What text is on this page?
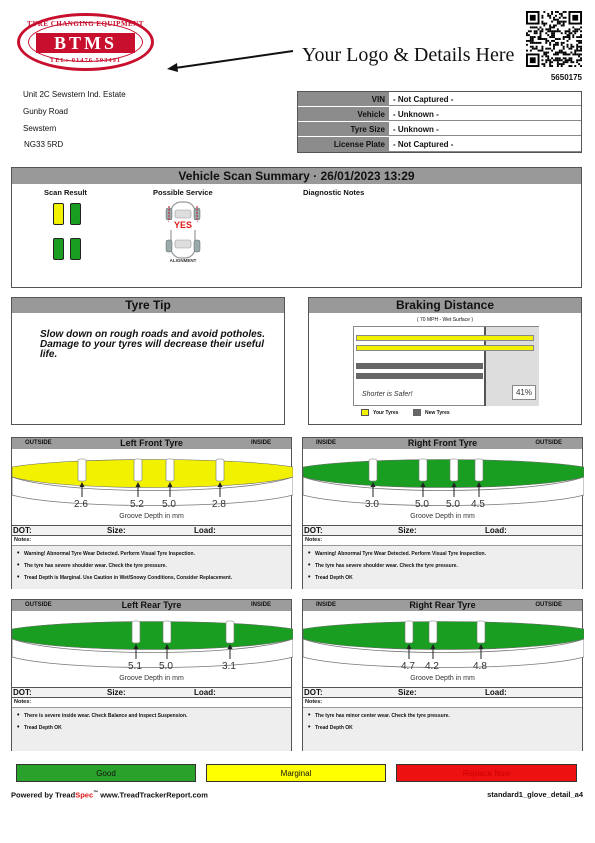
TYRE CHANGING EQUIPMENT
BTMS
TEL: 01476 593491	Your Logo & Details Here
5650175
Unit 2C Sewstern Ind. Estate
Gunby Road
Sewstern
NG33 5RD
VIN	- Not Captured -
Vehicle	- Unknown -
Tyre Size	- Unknown -
License Plate	- Not Captured -
Vehicle Scan Summary · 26/01/2023 13:29
Scan Result	Possible Service	Diagnostic Notes
YES
ALIGNMENT
Tyre Tip
Slow down on rough roads and avoid potholes. Damage to your tyres will decrease their useful life.
Braking Distance
( 70 MPH - Wet Surface )
Shorter is Safer!	41%
Your Tyres	New Tyres
OUTSIDE	Left Front Tyre	INSIDE
2.6	5.2 5.0	2.8
Groove Depth in mm
DOT:	Size:	Load:
Notes:
• Warning! Abnormal Tyre Wear Detected. Perform Visual Tyre Inspection.
• The tyre has severe shoulder wear. Check the tyre pressure.
• Tread Depth is Marginal. Use Caution in Wet/Snowy Conditions, Consider Replacement.
INSIDE	Right Front Tyre	OUTSIDE
3.0	5.0 5.0 4.5
Groove Depth in mm
DOT:	Size:	Load:
Notes:
• Warning! Abnormal Tyre Wear Detected. Perform Visual Tyre Inspection.
• The tyre has severe shoulder wear. Check the tyre pressure.
• Tread Depth OK
OUTSIDE	Left Rear Tyre	INSIDE
5.1 5.0	3.1
Groove Depth in mm
DOT:	Size:	Load:
Notes:
• There is severe inside wear. Check Balance and Inspect Suspension.
• Tread Depth OK
INSIDE	Right Rear Tyre	OUTSIDE
4.7 4.2	4.8
Groove Depth in mm
DOT:	Size:	Load:
Notes:
• The tyre has minor center wear. Check the tyre pressure.
• Tread Depth OK
Good	Marginal	Replace Now
Powered by TreadSpec™ www.TreadTrackerReport.com	standard1_glove_detail_a4
